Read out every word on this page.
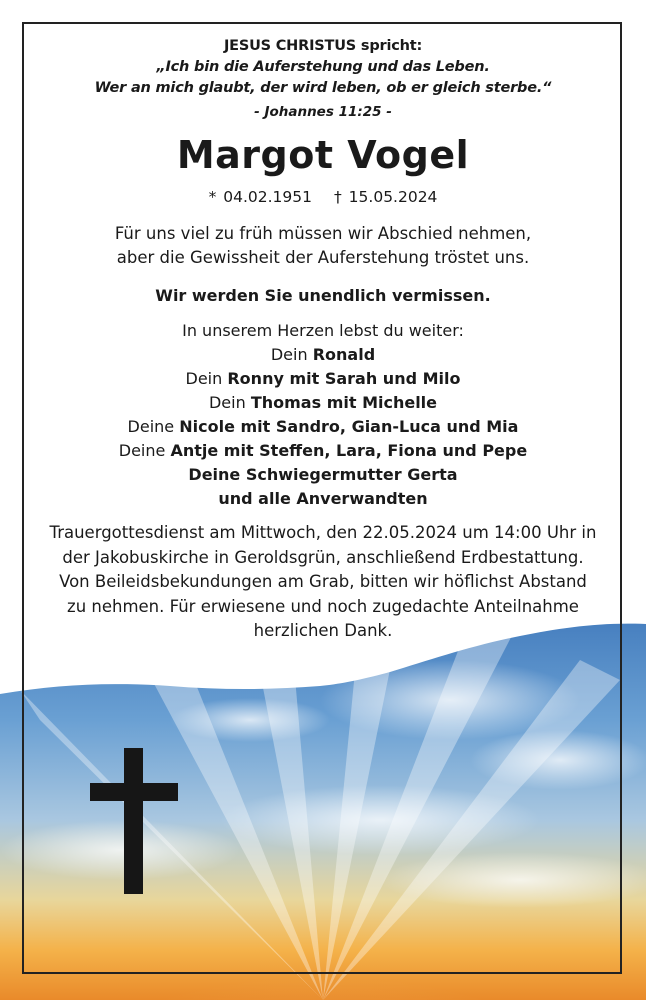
JESUS CHRISTUS spricht:
„Ich bin die Auferstehung und das Leben.
Wer an mich glaubt, der wird leben, ob er gleich sterbe.“
- Johannes 11:25 -
Margot Vogel
* 04.02.1951 † 15.05.2024
Für uns viel zu früh müssen wir Abschied nehmen,
aber die Gewissheit der Auferstehung tröstet uns.
Wir werden Sie unendlich vermissen.
In unserem Herzen lebst du weiter:
Dein Ronald
Dein Ronny mit Sarah und Milo
Dein Thomas mit Michelle
Deine Nicole mit Sandro, Gian-Luca und Mia
Deine Antje mit Steffen, Lara, Fiona und Pepe
Deine Schwiegermutter Gerta
und alle Anverwandten
Trauergottesdienst am Mittwoch, den 22.05.2024 um 14:00 Uhr in
der Jakobuskirche in Geroldsgrün, anschließend Erdbestattung.
Von Beileidsbekundungen am Grab, bitten wir höflichst Abstand
zu nehmen. Für erwiesene und noch zugedachte Anteilnahme
herzlichen Dank.
